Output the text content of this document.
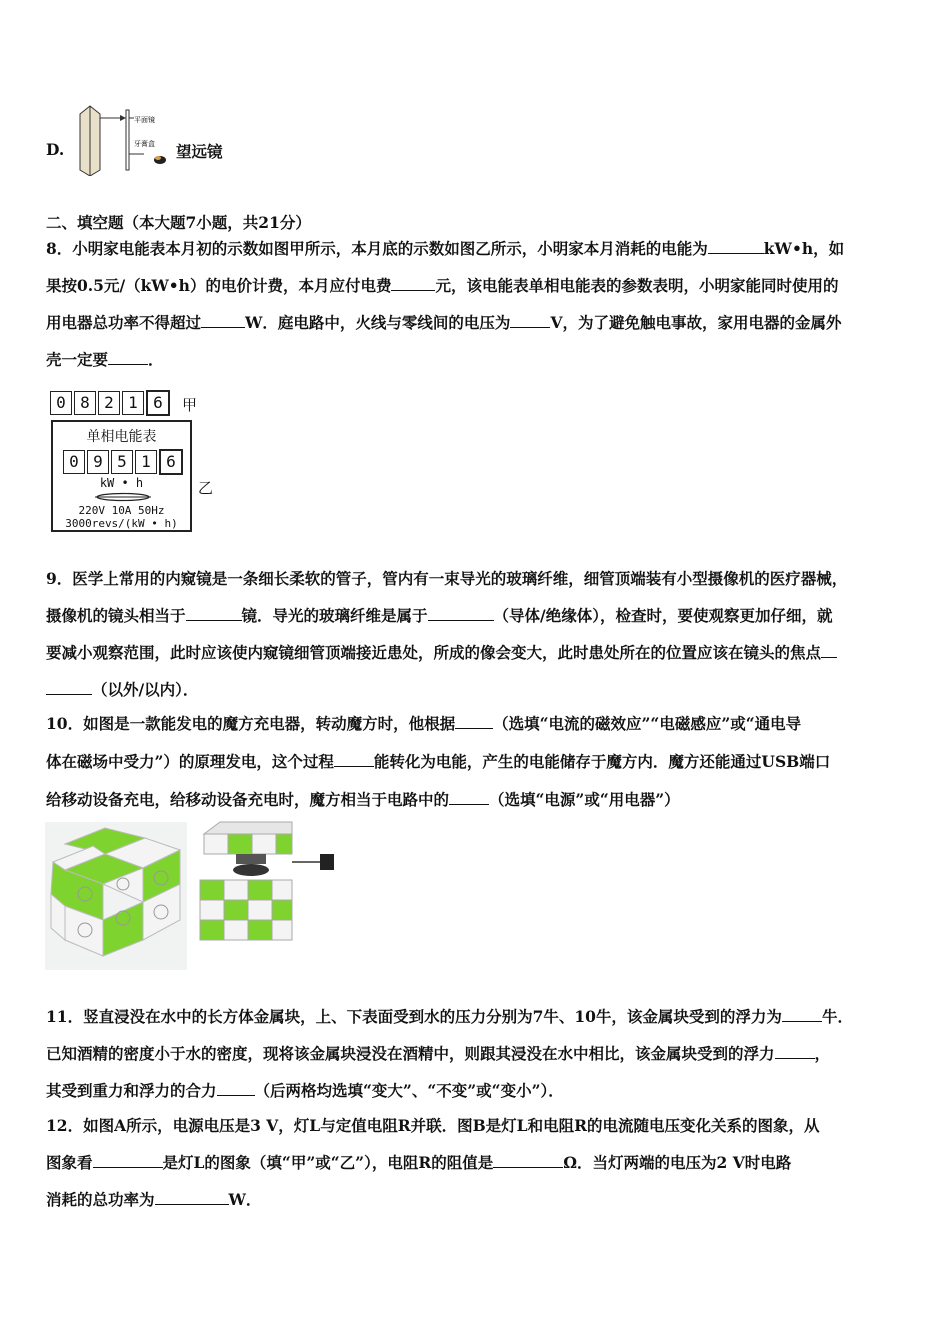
D.
平面镜
牙膏盒 望远镜
二、填空题（本大题7小题，共21分）
8．小明家电能表本月初的示数如图甲所示，本月底的示数如图乙所示，小明家本月消耗的电能为	kW•h，如
果按0.5元/（kW•h）的电价计费，本月应付电费	元，该电能表单相电能表的参数表明，小明家能同时使用的
用电器总功率不得超过	W．庭电路中，火线与零线间的电压为	V，为了避免触电事故，家用电器的金属外
壳一定要	．
0 8 2 1 6	甲
单相电能表
0 9 5 1 6
kW • h
220V 10A 50Hz
3000revs/(kW • h)
乙
9．医学上常用的内窥镜是一条细长柔软的管子，管内有一束导光的玻璃纤维，细管顶端装有小型摄像机的医疗器械，
摄像机的镜头相当于	镜．导光的玻璃纤维是属于	（导体/绝缘体），检查时，要使观察更加仔细，就
要减小观察范围，此时应该使内窥镜细管顶端接近患处，所成的像会变大，此时患处所在的位置应该在镜头的焦点
（以外/以内）．
10．如图是一款能发电的魔方充电器，转动魔方时，他根据 （选填“电流的磁效应”“电磁感应”或“通电导
体在磁场中受力”）的原理发电，这个过程	能转化为电能，产生的电能储存于魔方内．魔方还能通过USB端口
给移动设备充电，给移动设备充电时，魔方相当于电路中的	（选填“电源”或“用电器”）
11．竖直浸没在水中的长方体金属块，上、下表面受到水的压力分别为7牛、10牛，该金属块受到的浮力为	牛．
已知酒精的密度小于水的密度，现将该金属块浸没在酒精中，则跟其浸没在水中相比，该金属块受到的浮力	，
其受到重力和浮力的合力 （后两格均选填“变大”、“不变”或“变小”）．
12．如图A所示，电源电压是3 V，灯L与定值电阻R并联．图B是灯L和电阻R的电流随电压变化关系的图象，从
图象看	是灯L的图象（填“甲”或“乙”），电阻R的阻值是	Ω．当灯两端的电压为2 V时电路
消耗的总功率为	W．
